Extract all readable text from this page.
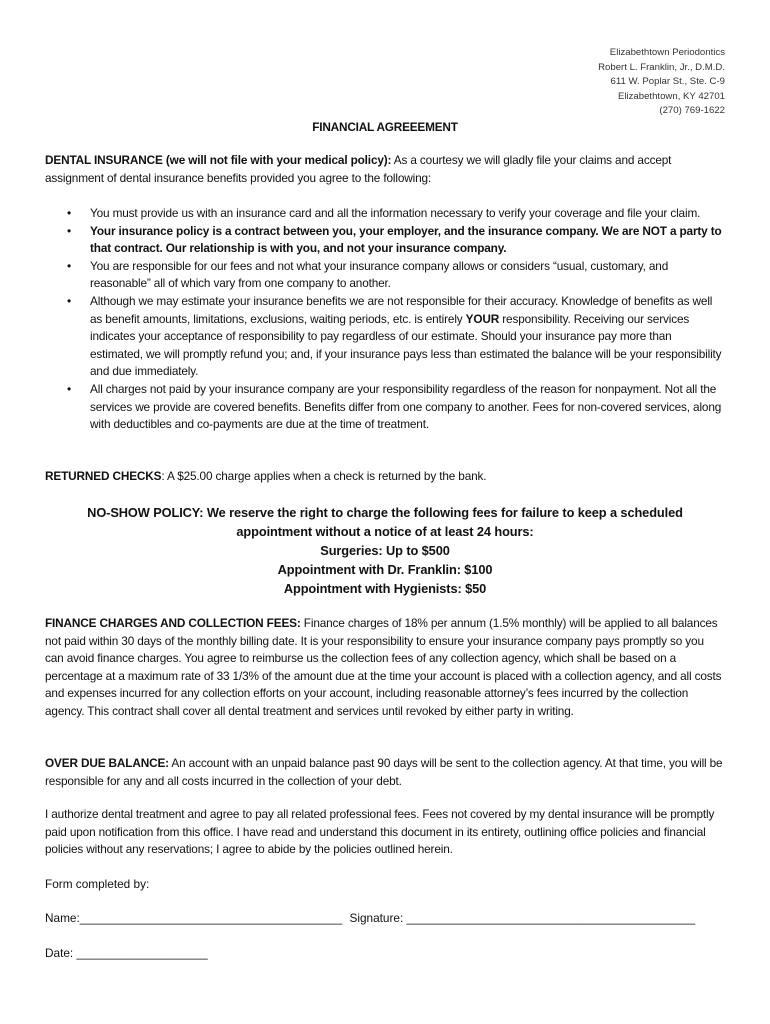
Elizabethtown Periodontics
Robert L. Franklin, Jr., D.M.D.
611 W. Poplar St., Ste. C-9
Elizabethtown, KY 42701
(270) 769-1622
FINANCIAL AGREEEMENT
DENTAL INSURANCE (we will not file with your medical policy): As a courtesy we will gladly file your claims and accept assignment of dental insurance benefits provided you agree to the following:
• You must provide us with an insurance card and all the information necessary to verify your coverage and file your claim.
• Your insurance policy is a contract between you, your employer, and the insurance company. We are NOT a party to that contract. Our relationship is with you, and not your insurance company.
• You are responsible for our fees and not what your insurance company allows or considers “usual, customary, and reasonable” all of which vary from one company to another.
• Although we may estimate your insurance benefits we are not responsible for their accuracy. Knowledge of benefits as well as benefit amounts, limitations, exclusions, waiting periods, etc. is entirely YOUR responsibility. Receiving our services indicates your acceptance of responsibility to pay regardless of our estimate. Should your insurance pay more than estimated, we will promptly refund you; and, if your insurance pays less than estimated the balance will be your responsibility and due immediately.
• All charges not paid by your insurance company are your responsibility regardless of the reason for nonpayment. Not all the services we provide are covered benefits. Benefits differ from one company to another. Fees for non-covered services, along with deductibles and co-payments are due at the time of treatment.
RETURNED CHECKS: A $25.00 charge applies when a check is returned by the bank.
NO-SHOW POLICY: We reserve the right to charge the following fees for failure to keep a scheduled
appointment without a notice of at least 24 hours:
Surgeries: Up to $500
Appointment with Dr. Franklin: $100
Appointment with Hygienists: $50
FINANCE CHARGES AND COLLECTION FEES: Finance charges of 18% per annum (1.5% monthly) will be applied to all balances not paid within 30 days of the monthly billing date. It is your responsibility to ensure your insurance company pays promptly so you can avoid finance charges. You agree to reimburse us the collection fees of any collection agency, which shall be based on a percentage at a maximum rate of 33 1/3% of the amount due at the time your account is placed with a collection agency, and all costs and expenses incurred for any collection efforts on your account, including reasonable attorney’s fees incurred by the collection agency. This contract shall cover all dental treatment and services until revoked by either party in writing.
OVER DUE BALANCE: An account with an unpaid balance past 90 days will be sent to the collection agency. At that time, you will be responsible for any and all costs incurred in the collection of your debt.
I authorize dental treatment and agree to pay all related professional fees. Fees not covered by my dental insurance will be promptly paid upon notification from this office. I have read and understand this document in its entirety, outlining office policies and financial policies without any reservations; I agree to abide by the policies outlined herein.
Form completed by:
Name:________________________________________ Signature: ____________________________________________
Date: ____________________
